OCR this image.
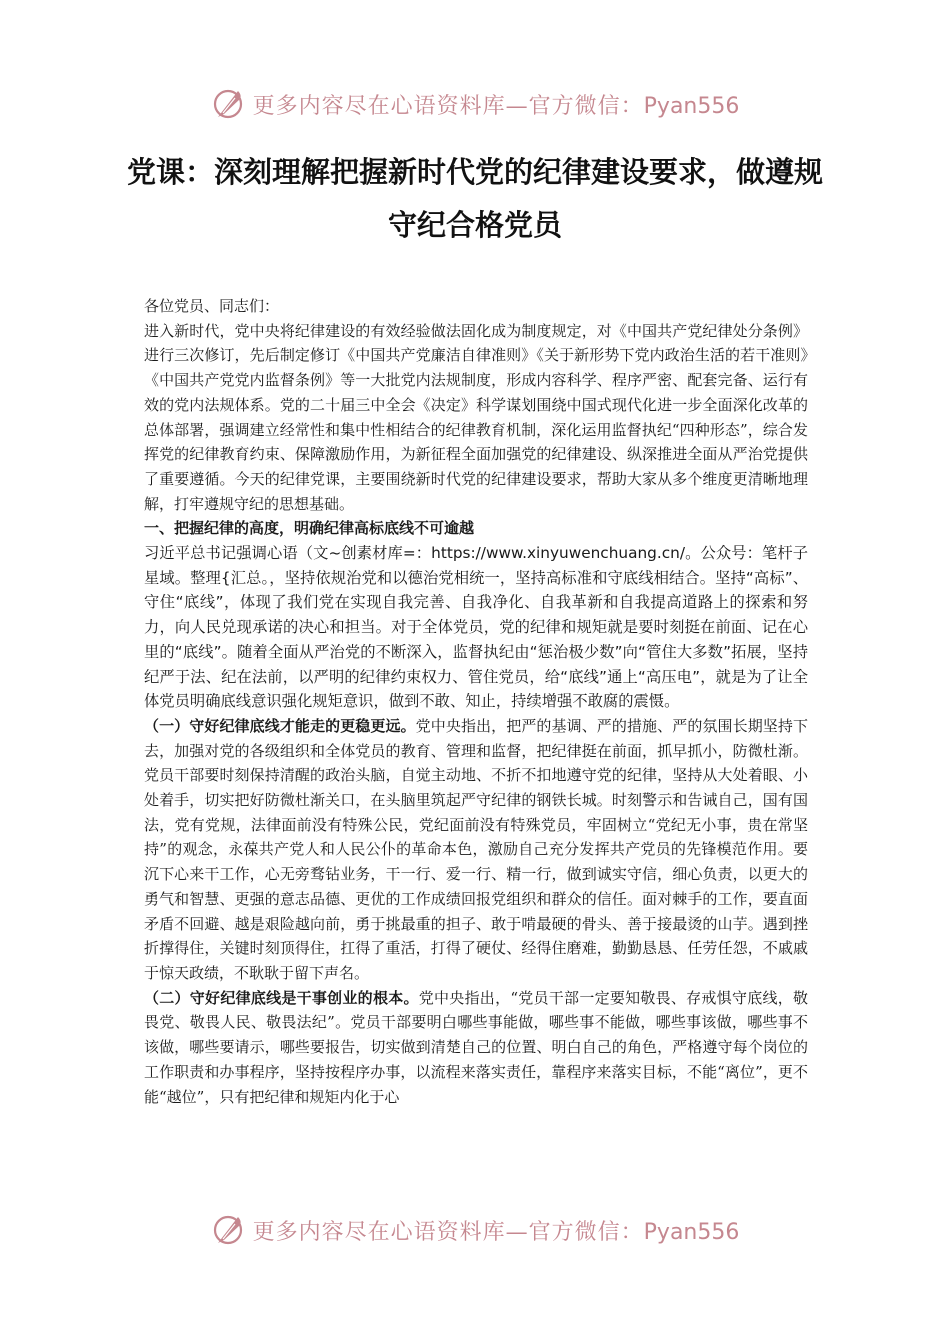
更多内容尽在心语资料库—官方微信：Pyan556
党课：深刻理解把握新时代党的纪律建设要求，做遵规守纪合格党员

各位党员、同志们：

进入新时代，党中央将纪律建设的有效经验做法固化成为制度规定，对《中国共产党纪律处分条例》进行三次修订，先后制定修订《中国共产党廉洁自律准则》《关于新形势下党内政治生活的若干准则》《中国共产党党内监督条例》等一大批党内法规制度，形成内容科学、程序严密、配套完备、运行有效的党内法规体系。党的二十届三中全会《决定》科学谋划围绕中国式现代化进一步全面深化改革的总体部署，强调建立经常性和集中性相结合的纪律教育机制，深化运用监督执纪“四种形态”，综合发挥党的纪律教育约束、保障激励作用，为新征程全面加强党的纪律建设、纵深推进全面从严治党提供了重要遵循。今天的纪律党课，主要围绕新时代党的纪律建设要求，帮助大家从多个维度更清晰地理解，打牢遵规守纪的思想基础。

一、把握纪律的高度，明确纪律高标底线不可逾越

习近平总书记强调心语（文~创素材库=：https://www.xinyuwenchuang.cn/。公众号：笔杆子星域。整理{汇总。，坚持依规治党和以德治党相统一，坚持高标准和守底线相结合。坚持“高标”、守住“底线”，体现了我们党在实现自我完善、自我净化、自我革新和自我提高道路上的探索和努力，向人民兑现承诺的决心和担当。对于全体党员，党的纪律和规矩就是要时刻挺在前面、记在心里的“底线”。随着全面从严治党的不断深入，监督执纪由“惩治极少数”向“管住大多数”拓展，坚持纪严于法、纪在法前，以严明的纪律约束权力、管住党员，给“底线”通上“高压电”，就是为了让全体党员明确底线意识强化规矩意识，做到不敢、知止，持续增强不敢腐的震慑。

（一）守好纪律底线才能走的更稳更远。党中央指出，把严的基调、严的措施、严的氛围长期坚持下去，加强对党的各级组织和全体党员的教育、管理和监督，把纪律挺在前面，抓早抓小，防微杜渐。党员干部要时刻保持清醒的政治头脑，自觉主动地、不折不扣地遵守党的纪律，坚持从大处着眼、小处着手，切实把好防微杜渐关口，在头脑里筑起严守纪律的钢铁长城。时刻警示和告诫自己，国有国法，党有党规，法律面前没有特殊公民，党纪面前没有特殊党员，牢固树立“党纪无小事，贵在常坚持”的观念，永葆共产党人和人民公仆的革命本色，激励自己充分发挥共产党员的先锋模范作用。要沉下心来干工作，心无旁骛钻业务，干一行、爱一行、精一行，做到诚实守信，细心负责，以更大的勇气和智慧、更强的意志品德、更优的工作成绩回报党组织和群众的信任。面对棘手的工作，要直面矛盾不回避、越是艰险越向前，勇于挑最重的担子、敢于啃最硬的骨头、善于接最烫的山芋。遇到挫折撑得住，关键时刻顶得住，扛得了重活，打得了硬仗、经得住磨难，勤勤恳恳、任劳任怨，不戚戚于惊天政绩，不耿耿于留下声名。

（二）守好纪律底线是干事创业的根本。党中央指出，“党员干部一定要知敬畏、存戒惧守底线，敬畏党、敬畏人民、敬畏法纪”。党员干部要明白哪些事能做，哪些事不能做，哪些事该做，哪些事不该做，哪些要请示，哪些要报告，切实做到清楚自己的位置、明白自己的角色，严格遵守每个岗位的工作职责和办事程序，坚持按程序办事，以流程来落实责任，靠程序来落实目标，不能“离位”，更不能“越位”，只有把纪律和规矩内化于心

更多内容尽在心语资料库—官方微信：Pyan556
